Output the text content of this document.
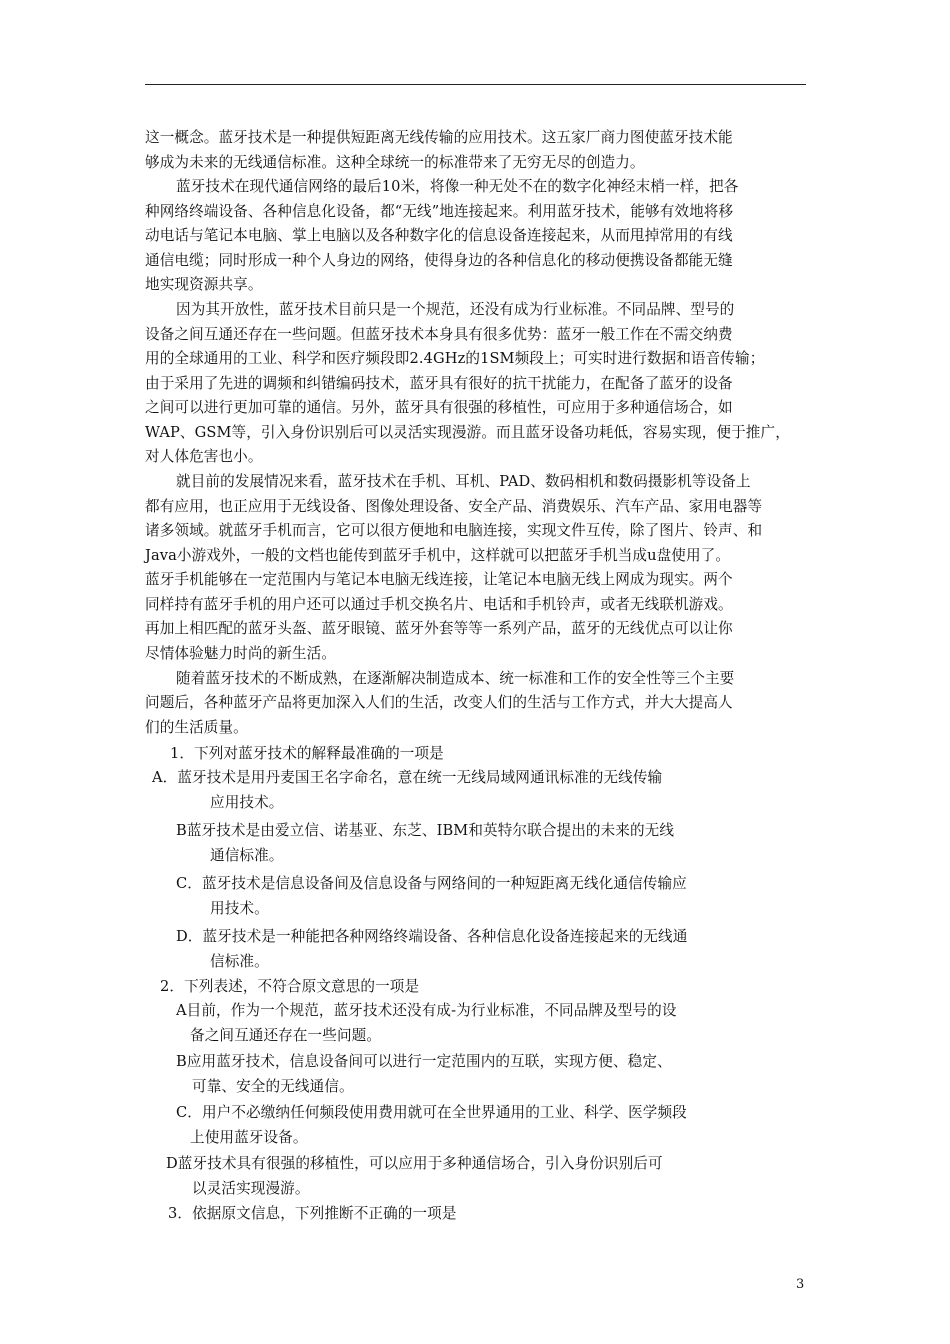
这一概念。蓝牙技术是一种提供短距离无线传输的应用技术。这五家厂商力图使蓝牙技术能
够成为未来的无线通信标准。这种全球统一的标准带来了无穷无尽的创造力。
蓝牙技术在现代通信网络的最后10米，将像一种无处不在的数字化神经末梢一样，把各
种网络终端设备、各种信息化设备，都“无线”地连接起来。利用蓝牙技术，能够有效地将移
动电话与笔记本电脑、掌上电脑以及各种数字化的信息设备连接起来，从而甩掉常用的有线
通信电缆；同时形成一种个人身边的网络，使得身边的各种信息化的移动便携设备都能无缝
地实现资源共享。
因为其开放性，蓝牙技术目前只是一个规范，还没有成为行业标准。不同品牌、型号的
设备之间互通还存在一些问题。但蓝牙技术本身具有很多优势：蓝牙一般工作在不需交纳费
用的全球通用的工业、科学和医疗频段即2.4GHz的1SM频段上；可实时进行数据和语音传输；
由于采用了先进的调频和纠错编码技术，蓝牙具有很好的抗干扰能力，在配备了蓝牙的设备
之间可以进行更加可靠的通信。另外，蓝牙具有很强的移植性，可应用于多种通信场合，如
WAP、GSM等，引入身份识别后可以灵活实现漫游。而且蓝牙设备功耗低，容易实现，便于推广，
对人体危害也小。
就目前的发展情况来看，蓝牙技术在手机、耳机、PAD、数码相机和数码摄影机等设备上
都有应用，也正应用于无线设备、图像处理设备、安全产品、消费娱乐、汽车产品、家用电器等
诸多领域。就蓝牙手机而言，它可以很方便地和电脑连接，实现文件互传，除了图片、铃声、和
Java小游戏外，一般的文档也能传到蓝牙手机中，这样就可以把蓝牙手机当成u盘使用了。
蓝牙手机能够在一定范围内与笔记本电脑无线连接，让笔记本电脑无线上网成为现实。两个
同样持有蓝牙手机的用户还可以通过手机交换名片、电话和手机铃声，或者无线联机游戏。
再加上相匹配的蓝牙头盔、蓝牙眼镜、蓝牙外套等等一系列产品，蓝牙的无线优点可以让你
尽情体验魅力时尚的新生活。
随着蓝牙技术的不断成熟，在逐渐解决制造成本、统一标准和工作的安全性等三个主要
问题后，各种蓝牙产品将更加深入人们的生活，改变人们的生活与工作方式，并大大提高人
们的生活质量。
1．下列对蓝牙技术的解释最准确的一项是
A．蓝牙技术是用丹麦国王名字命名，意在统一无线局域网通讯标准的无线传输
应用技术。
B蓝牙技术是由爱立信、诺基亚、东芝、IBM和英特尔联合提出的未来的无线
通信标准。
C．蓝牙技术是信息设备间及信息设备与网络间的一种短距离无线化通信传输应
用技术。
D．蓝牙技术是一种能把各种网络终端设备、各种信息化设备连接起来的无线通
信标准。
2．下列表述，不符合原文意思的一项是
A目前，作为一个规范，蓝牙技术还没有成-为行业标准，不同品牌及型号的设
备之间互通还存在一些问题。
B应用蓝牙技术，信息设备间可以进行一定范围内的互联，实现方便、稳定、
可靠、安全的无线通信。
C．用户不必缴纳任何频段使用费用就可在全世界通用的工业、科学、医学频段
上使用蓝牙设备。
D蓝牙技术具有很强的移植性，可以应用于多种通信场合，引入身份识别后可
以灵活实现漫游。
3．依据原文信息，下列推断不正确的一项是
3
